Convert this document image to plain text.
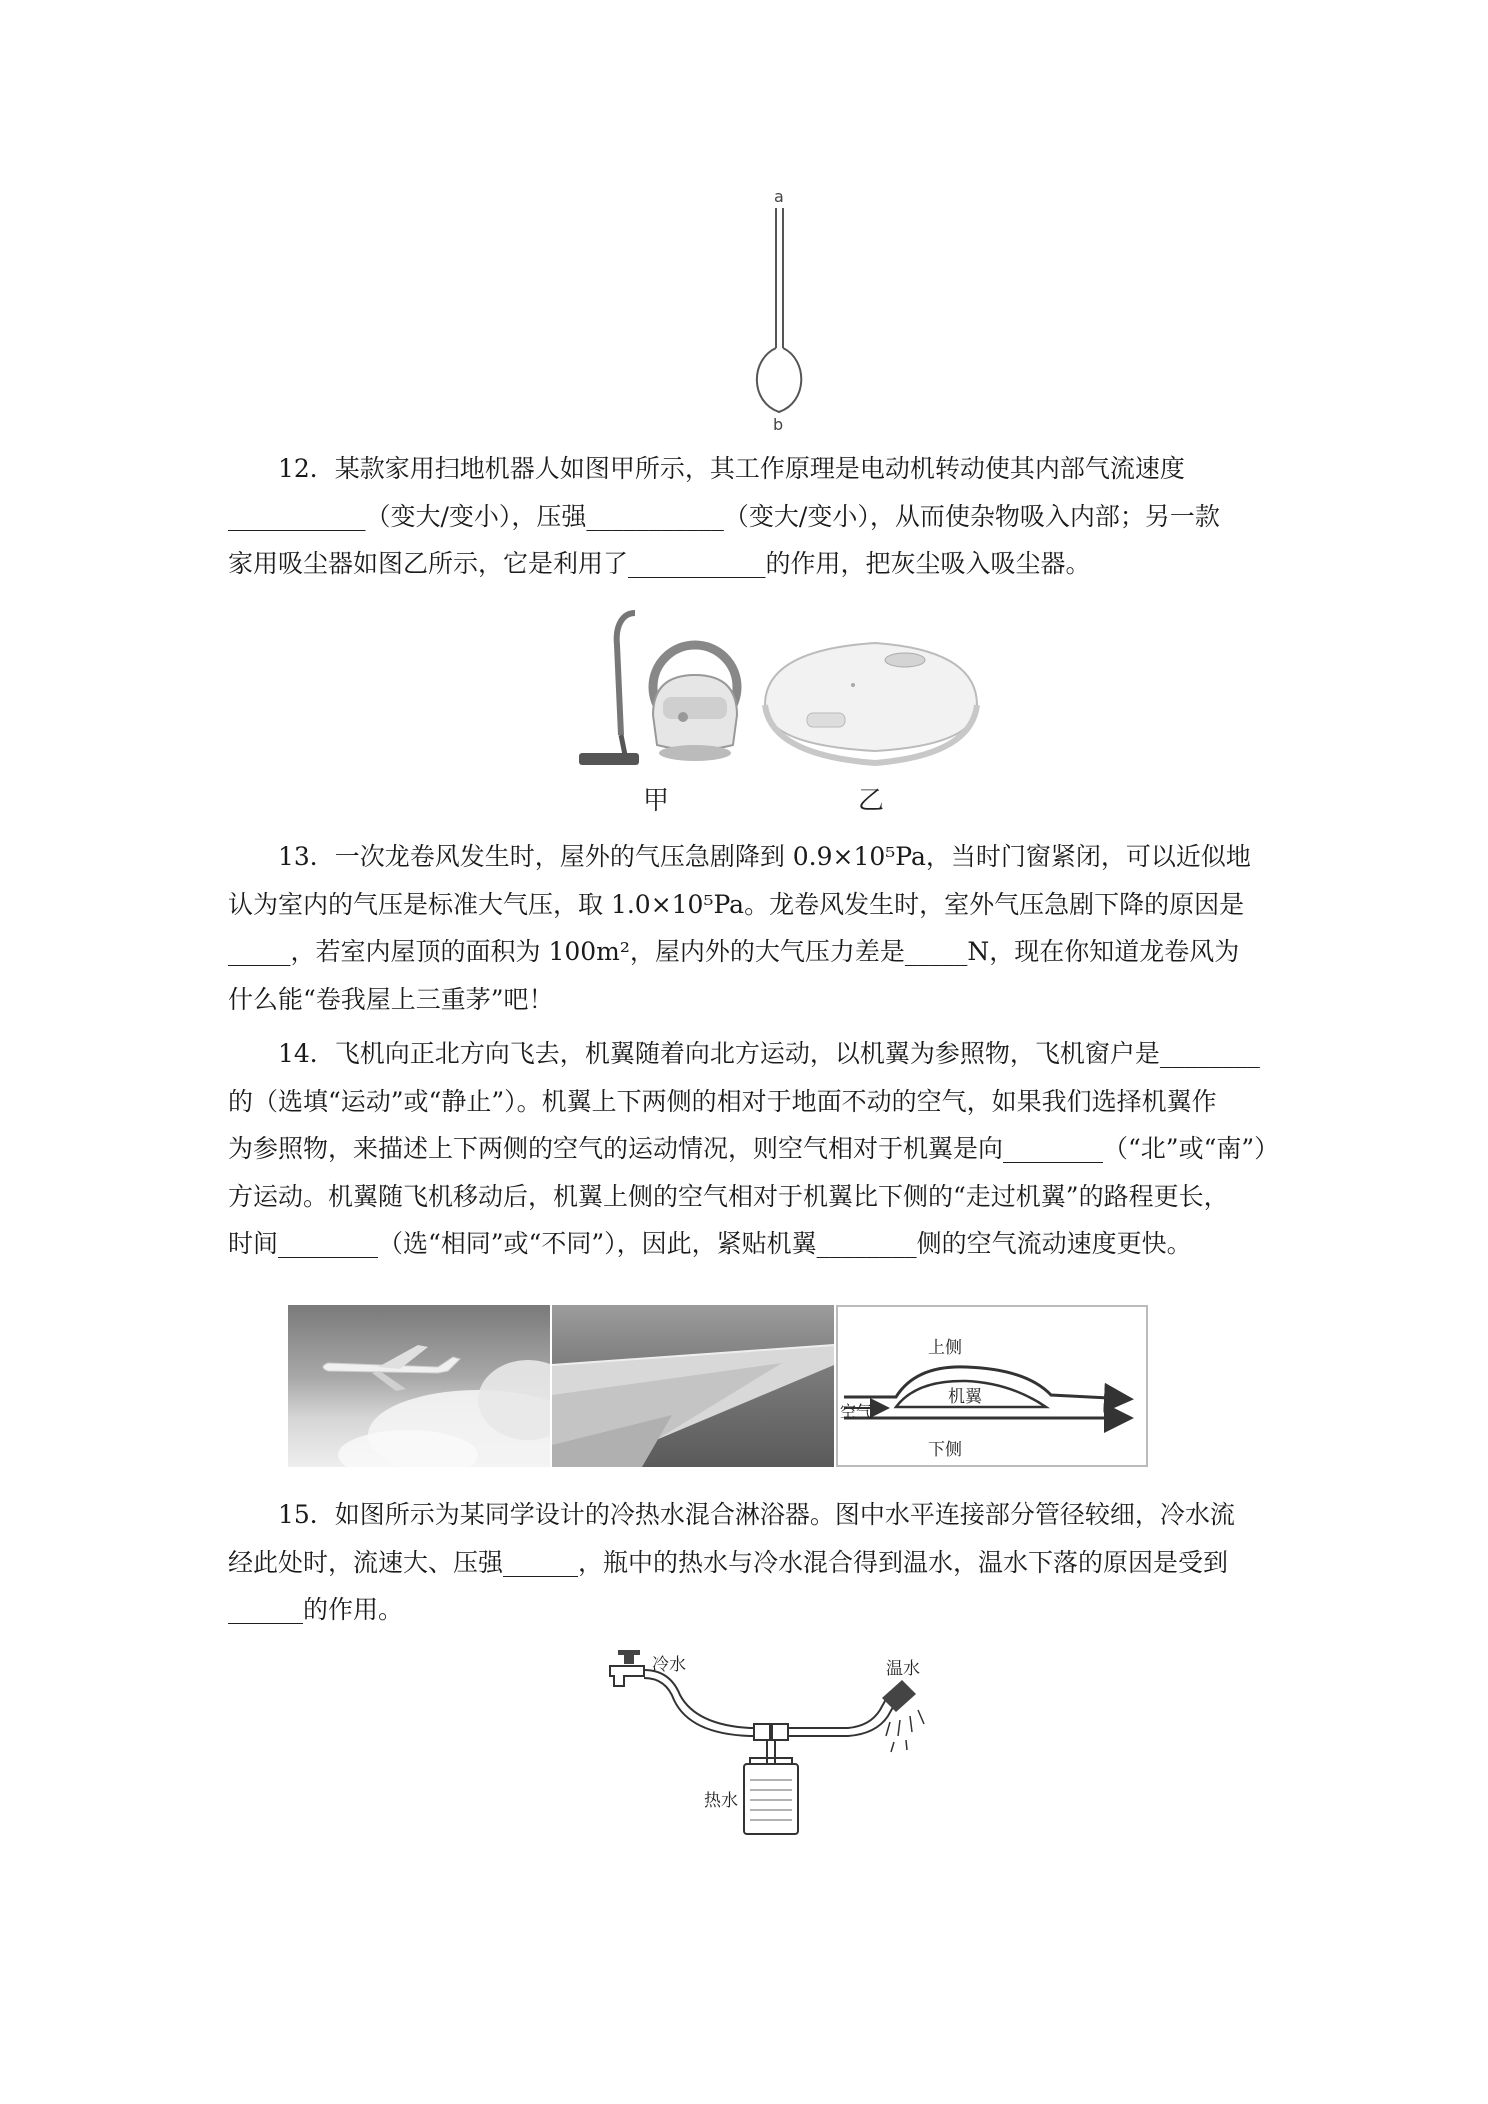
a
b
12．某款家用扫地机器人如图甲所示，其工作原理是电动机转动使其内部气流速度
___________（变大/变小），压强___________（变大/变小），从而使杂物吸入内部；另一款
家用吸尘器如图乙所示，它是利用了___________的作用，把灰尘吸入吸尘器。
甲	乙
13．一次龙卷风发生时，屋外的气压急剧降到 0.9×10⁵Pa，当时门窗紧闭，可以近似地
认为室内的气压是标准大气压，取 1.0×10⁵Pa。龙卷风发生时，室外气压急剧下降的原因是
_____，若室内屋顶的面积为 100m²，屋内外的大气压力差是_____N，现在你知道龙卷风为
什么能“卷我屋上三重茅”吧！
14．飞机向正北方向飞去，机翼随着向北方运动，以机翼为参照物，飞机窗户是________
的（选填“运动”或“静止”）。机翼上下两侧的相对于地面不动的空气，如果我们选择机翼作
为参照物，来描述上下两侧的空气的运动情况，则空气相对于机翼是向________（“北”或“南”）
方运动。机翼随飞机移动后，机翼上侧的空气相对于机翼比下侧的“走过机翼”的路程更长，
时间________（选“相同”或“不同”），因此，紧贴机翼________侧的空气流动速度更快。
上侧
机翼
空气
下侧
15．如图所示为某同学设计的冷热水混合淋浴器。图中水平连接部分管径较细，冷水流
经此处时，流速大、压强______，瓶中的热水与冷水混合得到温水，温水下落的原因是受到
______的作用。
冷水
热水
温水
